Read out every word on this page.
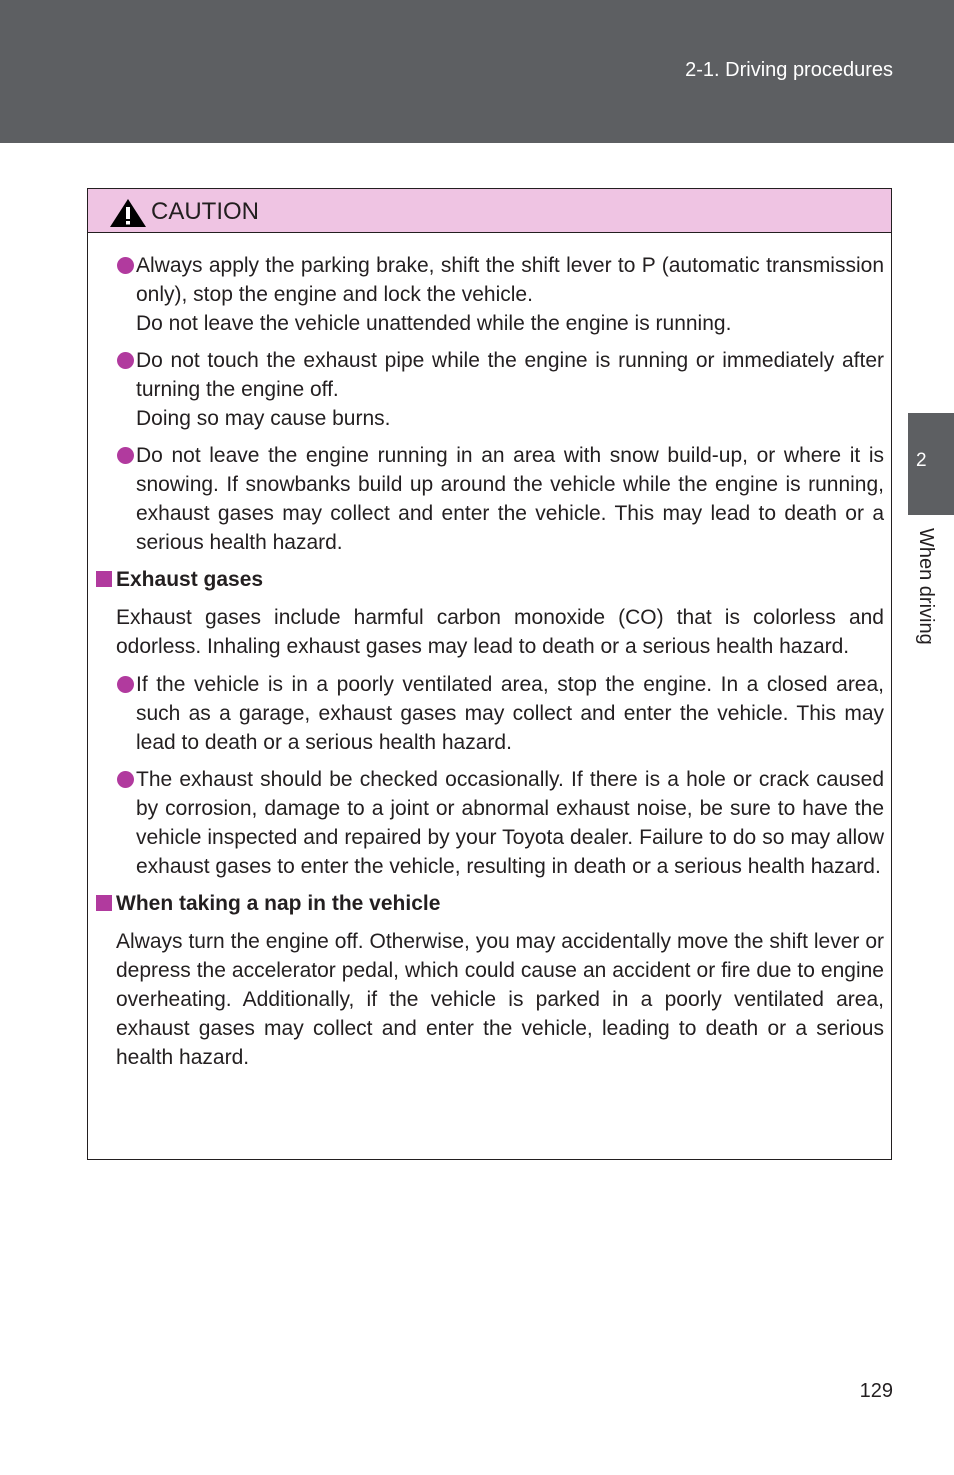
2-1. Driving procedures
2
When driving
CAUTION

Always apply the parking brake, shift the shift lever to P (automatic transmission only), stop the engine and lock the vehicle.

Do not leave the vehicle unattended while the engine is running.

Do not touch the exhaust pipe while the engine is running or immediately after turning the engine off.

Doing so may cause burns.

Do not leave the engine running in an area with snow build-up, or where it is snowing. If snowbanks build up around the vehicle while the engine is running, exhaust gases may collect and enter the vehicle. This may lead to death or a serious health hazard.

Exhaust gases

Exhaust gases include harmful carbon monoxide (CO) that is colorless and odorless. Inhaling exhaust gases may lead to death or a serious health hazard.

If the vehicle is in a poorly ventilated area, stop the engine. In a closed area, such as a garage, exhaust gases may collect and enter the vehicle. This may lead to death or a serious health hazard.

The exhaust should be checked occasionally. If there is a hole or crack caused by corrosion, damage to a joint or abnormal exhaust noise, be sure to have the vehicle inspected and repaired by your Toyota dealer. Failure to do so may allow exhaust gases to enter the vehicle, resulting in death or a serious health hazard.

When taking a nap in the vehicle

Always turn the engine off. Otherwise, you may accidentally move the shift lever or depress the accelerator pedal, which could cause an accident or fire due to engine overheating. Additionally, if the vehicle is parked in a poorly ventilated area, exhaust gases may collect and enter the vehicle, leading to death or a serious health hazard.

129
